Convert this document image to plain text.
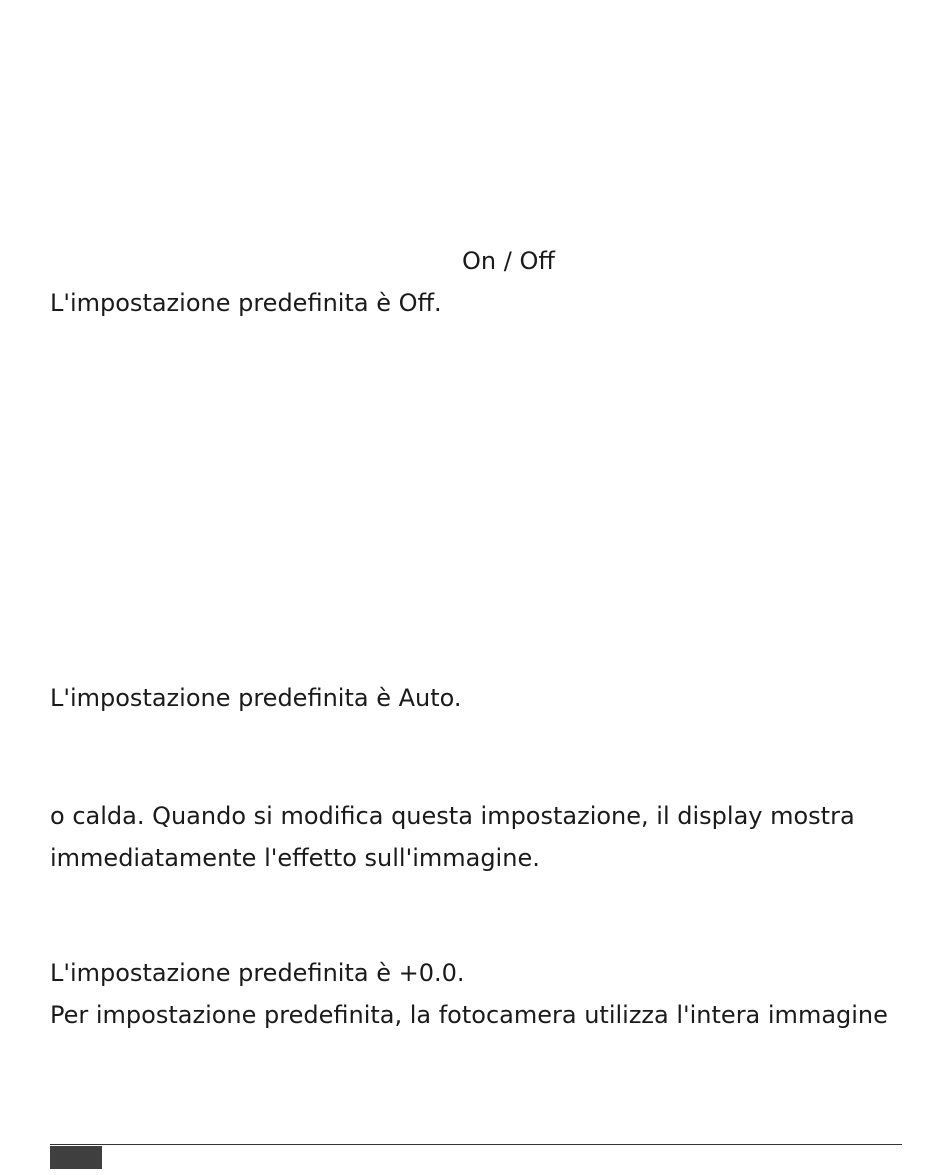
On / Off
L'impostazione predefinita è Off.
L'impostazione predefinita è Auto.
o calda. Quando si modifica questa impostazione, il display mostra
immediatamente l'effetto sull'immagine.
L'impostazione predefinita è +0.0.
Per impostazione predefinita, la fotocamera utilizza l'intera immagine
